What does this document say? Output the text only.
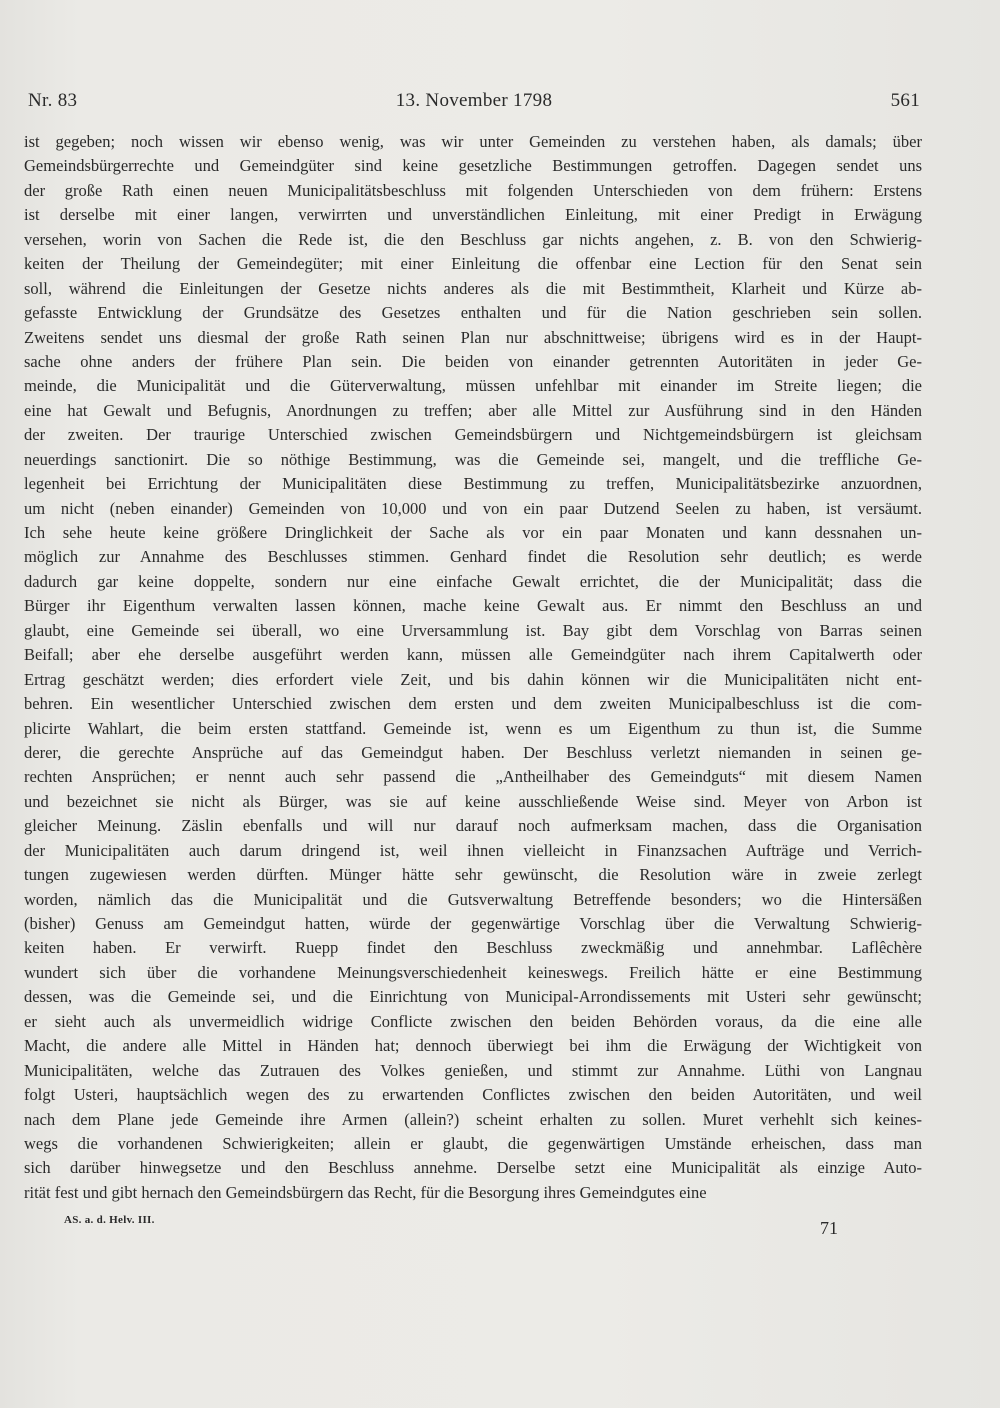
Nr. 83	13. November 1798	561
ist gegeben; noch wissen wir ebenso wenig, was wir unter Gemeinden zu verstehen haben, als damals; über
Gemeindsbürgerrechte und Gemeindgüter sind keine gesetzliche Bestimmungen getroffen. Dagegen sendet uns
der große Rath einen neuen Municipalitätsbeschluss mit folgenden Unterschieden von dem frühern: Erstens
ist derselbe mit einer langen, verwirrten und unverständlichen Einleitung, mit einer Predigt in Erwägung
versehen, worin von Sachen die Rede ist, die den Beschluss gar nichts angehen, z. B. von den Schwierig-
keiten der Theilung der Gemeindegüter; mit einer Einleitung die offenbar eine Lection für den Senat sein
soll, während die Einleitungen der Gesetze nichts anderes als die mit Bestimmtheit, Klarheit und Kürze ab-
gefasste Entwicklung der Grundsätze des Gesetzes enthalten und für die Nation geschrieben sein sollen.
Zweitens sendet uns diesmal der große Rath seinen Plan nur abschnittweise; übrigens wird es in der Haupt-
sache ohne anders der frühere Plan sein. Die beiden von einander getrennten Autoritäten in jeder Ge-
meinde, die Municipalität und die Güterverwaltung, müssen unfehlbar mit einander im Streite liegen; die
eine hat Gewalt und Befugnis, Anordnungen zu treffen; aber alle Mittel zur Ausführung sind in den Händen
der zweiten. Der traurige Unterschied zwischen Gemeindsbürgern und Nichtgemeindsbürgern ist gleichsam
neuerdings sanctionirt. Die so nöthige Bestimmung, was die Gemeinde sei, mangelt, und die treffliche Ge-
legenheit bei Errichtung der Municipalitäten diese Bestimmung zu treffen, Municipalitätsbezirke anzuordnen,
um nicht (neben einander) Gemeinden von 10,000 und von ein paar Dutzend Seelen zu haben, ist versäumt.
Ich sehe heute keine größere Dringlichkeit der Sache als vor ein paar Monaten und kann dessnahen un-
möglich zur Annahme des Beschlusses stimmen. Genhard findet die Resolution sehr deutlich; es werde
dadurch gar keine doppelte, sondern nur eine einfache Gewalt errichtet, die der Municipalität; dass die
Bürger ihr Eigenthum verwalten lassen können, mache keine Gewalt aus. Er nimmt den Beschluss an und
glaubt, eine Gemeinde sei überall, wo eine Urversammlung ist. Bay gibt dem Vorschlag von Barras seinen
Beifall; aber ehe derselbe ausgeführt werden kann, müssen alle Gemeindgüter nach ihrem Capitalwerth oder
Ertrag geschätzt werden; dies erfordert viele Zeit, und bis dahin können wir die Municipalitäten nicht ent-
behren. Ein wesentlicher Unterschied zwischen dem ersten und dem zweiten Municipalbeschluss ist die com-
plicirte Wahlart, die beim ersten stattfand. Gemeinde ist, wenn es um Eigenthum zu thun ist, die Summe
derer, die gerechte Ansprüche auf das Gemeindgut haben. Der Beschluss verletzt niemanden in seinen ge-
rechten Ansprüchen; er nennt auch sehr passend die „Antheilhaber des Gemeindguts“ mit diesem Namen
und bezeichnet sie nicht als Bürger, was sie auf keine ausschließende Weise sind. Meyer von Arbon ist
gleicher Meinung. Zäslin ebenfalls und will nur darauf noch aufmerksam machen, dass die Organisation
der Municipalitäten auch darum dringend ist, weil ihnen vielleicht in Finanzsachen Aufträge und Verrich-
tungen zugewiesen werden dürften. Münger hätte sehr gewünscht, die Resolution wäre in zweie zerlegt
worden, nämlich das die Municipalität und die Gutsverwaltung Betreffende besonders; wo die Hintersäßen
(bisher) Genuss am Gemeindgut hatten, würde der gegenwärtige Vorschlag über die Verwaltung Schwierig-
keiten haben. Er verwirft. Ruepp findet den Beschluss zweckmäßig und annehmbar. Laflêchère
wundert sich über die vorhandene Meinungsverschiedenheit keineswegs. Freilich hätte er eine Bestimmung
dessen, was die Gemeinde sei, und die Einrichtung von Municipal-Arrondissements mit Usteri sehr gewünscht;
er sieht auch als unvermeidlich widrige Conflicte zwischen den beiden Behörden voraus, da die eine alle
Macht, die andere alle Mittel in Händen hat; dennoch überwiegt bei ihm die Erwägung der Wichtigkeit von
Municipalitäten, welche das Zutrauen des Volkes genießen, und stimmt zur Annahme. Lüthi von Langnau
folgt Usteri, hauptsächlich wegen des zu erwartenden Conflictes zwischen den beiden Autoritäten, und weil
nach dem Plane jede Gemeinde ihre Armen (allein?) scheint erhalten zu sollen. Muret verhehlt sich keines-
wegs die vorhandenen Schwierigkeiten; allein er glaubt, die gegenwärtigen Umstände erheischen, dass man
sich darüber hinwegsetze und den Beschluss annehme. Derselbe setzt eine Municipalität als einzige Auto-
rität fest und gibt hernach den Gemeindsbürgern das Recht, für die Besorgung ihres Gemeindgutes eine
AS. a. d. Helv. III.	71
